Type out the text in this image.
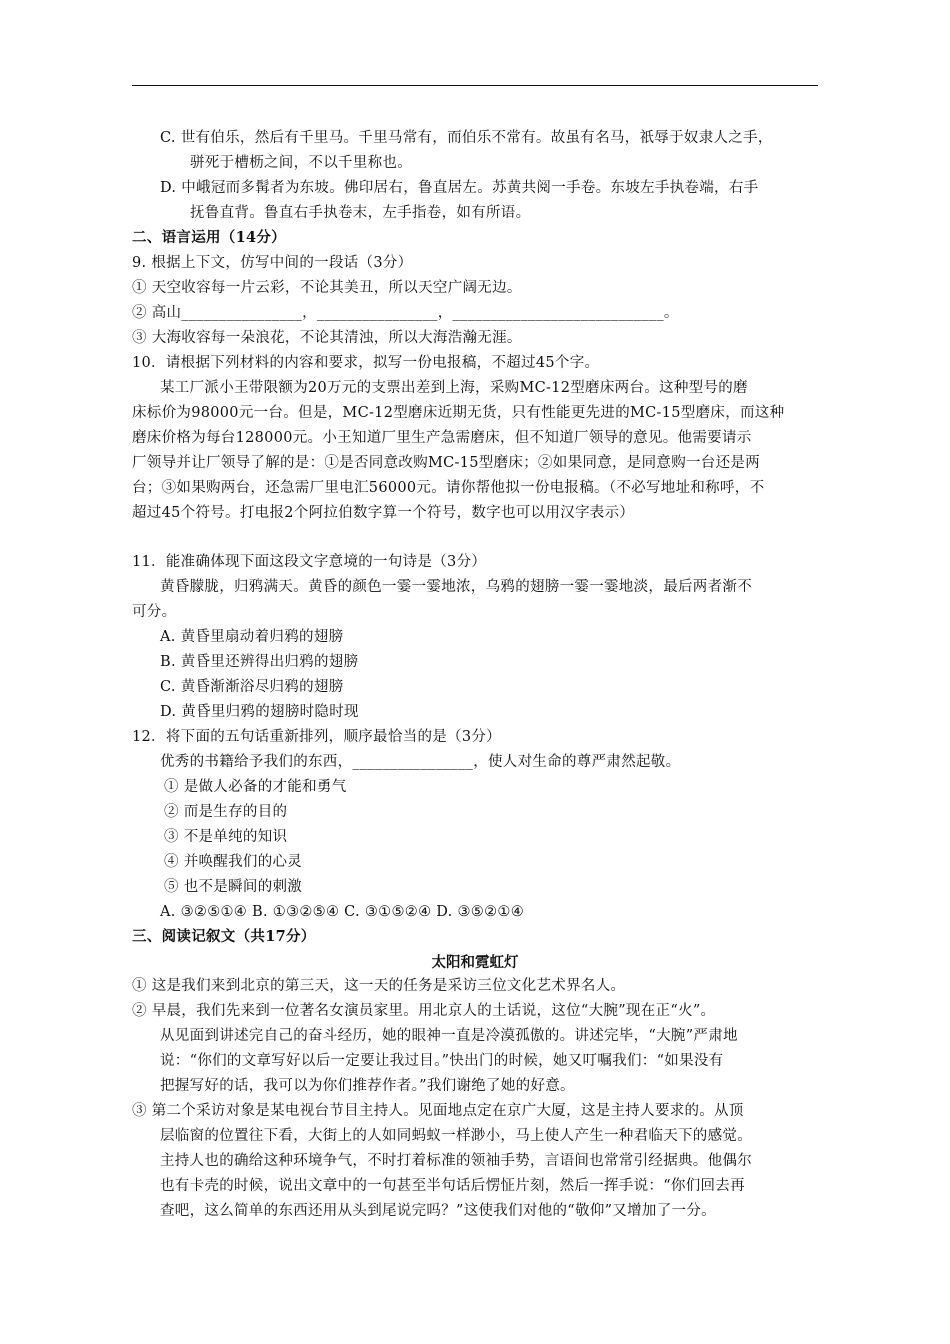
C. 世有伯乐，然后有千里马。千里马常有，而伯乐不常有。故虽有名马，祇辱于奴隶人之手，
骈死于槽枥之间，不以千里称也。
D. 中峨冠而多髯者为东坡。佛印居右，鲁直居左。苏黄共阅一手卷。东坡左手执卷端，右手
抚鲁直背。鲁直右手执卷末，左手指卷，如有所语。
二、语言运用（14分）
9. 根据上下文，仿写中间的一段话（3分）
① 天空收容每一片云彩，不论其美丑，所以天空广阔无边。
② 高山________________，________________，____________________________。
③ 大海收容每一朵浪花，不论其清浊，所以大海浩瀚无涯。
10．请根据下列材料的内容和要求，拟写一份电报稿，不超过45个字。
某工厂派小王带限额为20万元的支票出差到上海，采购MC-12型磨床两台。这种型号的磨
床标价为98000元一台。但是，MC-12型磨床近期无货，只有性能更先进的MC-15型磨床，而这种
磨床价格为每台128000元。小王知道厂里生产急需磨床，但不知道厂领导的意见。他需要请示
厂领导并让厂领导了解的是：①是否同意改购MC-15型磨床；②如果同意，是同意购一台还是两
台；③如果购两台，还急需厂里电汇56000元。请你帮他拟一份电报稿。（不必写地址和称呼，不
超过45个符号。打电报2个阿拉伯数字算一个符号，数字也可以用汉字表示）
11．能准确体现下面这段文字意境的一句诗是（3分）
黄昏朦胧，归鸦满天。黄昏的颜色一霎一霎地浓，乌鸦的翅膀一霎一霎地淡，最后两者渐不
可分。
A. 黄昏里扇动着归鸦的翅膀
B. 黄昏里还辨得出归鸦的翅膀
C. 黄昏渐渐浴尽归鸦的翅膀
D. 黄昏里归鸦的翅膀时隐时现
12．将下面的五句话重新排列，顺序最恰当的是（3分）
优秀的书籍给予我们的东西，________________，使人对生命的尊严肃然起敬。
① 是做人必备的才能和勇气
② 而是生存的目的
③ 不是单纯的知识
④ 并唤醒我们的心灵
⑤ 也不是瞬间的刺激
A. ③②⑤①④ B. ①③②⑤④ C. ③①⑤②④ D. ③⑤②①④
三、阅读记叙文（共17分）
太阳和霓虹灯
① 这是我们来到北京的第三天，这一天的任务是采访三位文化艺术界名人。
② 早晨，我们先来到一位著名女演员家里。用北京人的土话说，这位“大腕”现在正“火”。
从见面到讲述完自己的奋斗经历，她的眼神一直是冷漠孤傲的。讲述完毕，“大腕”严肃地
说：“你们的文章写好以后一定要让我过目。”快出门的时候，她又叮嘱我们：“如果没有
把握写好的话，我可以为你们推荐作者。”我们谢绝了她的好意。
③ 第二个采访对象是某电视台节目主持人。见面地点定在京广大厦，这是主持人要求的。从顶
层临窗的位置往下看，大街上的人如同蚂蚁一样渺小，马上使人产生一种君临天下的感觉。
主持人也的确给这种环境争气，不时打着标准的领袖手势，言语间也常常引经据典。他偶尔
也有卡壳的时候，说出文章中的一句甚至半句话后愣怔片刻，然后一挥手说：“你们回去再
查吧，这么简单的东西还用从头到尾说完吗？”这使我们对他的“敬仰”又增加了一分。
